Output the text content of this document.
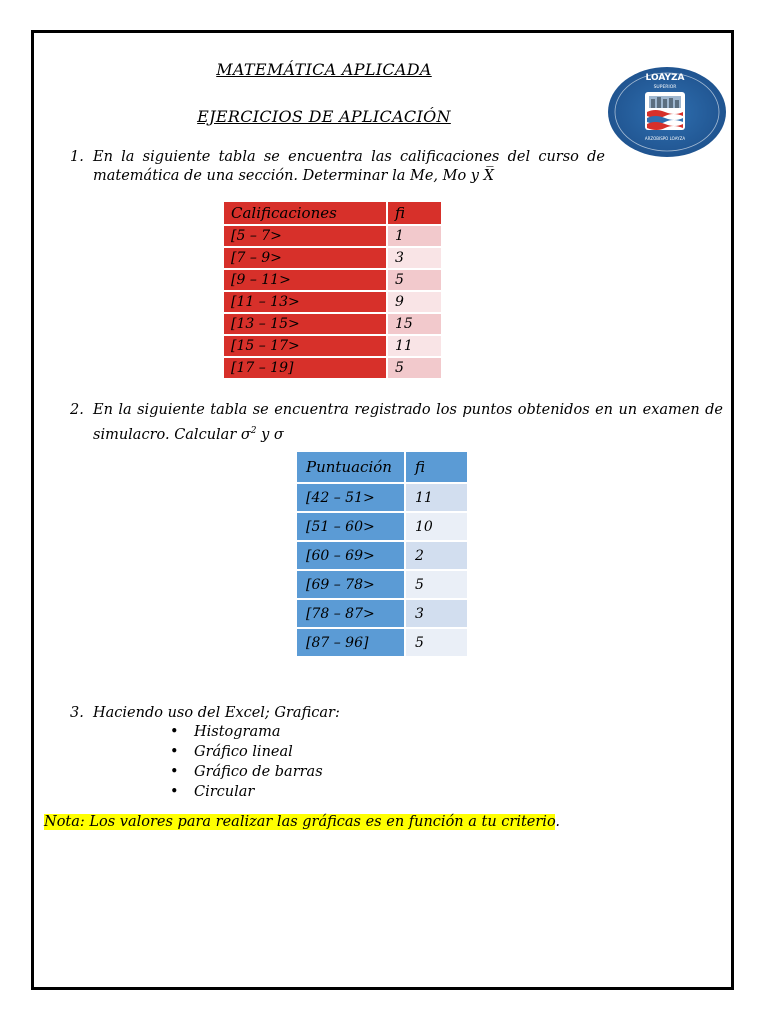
MATEMÁTICA APLICADA
EJERCICIOS DE APLICACIÓN
LOAYZA
SUPERIOR
ARZOBISPO LOAYZA
1. En la siguiente tabla se encuentra las calificaciones del curso de
matemática de una sección. Determinar la Me, Mo y X̅
Calificaciones	fi
[5 – 7>	1
[7 – 9>	3
[9 – 11>	5
[11 – 13>	9
[13 – 15>	15
[15 – 17>	11
[17 – 19]	5
2. En la siguiente tabla se encuentra registrado los puntos obtenidos en un examen de
simulacro. Calcular $\sigma^2$ y σ
Puntuación	fi
[42 – 51>	11
[51 – 60>	10
[60 – 69>	2
[69 – 78>	5
[78 – 87>	3
[87 – 96]	5
3. Haciendo uso del Excel; Graficar:
• Histograma
• Gráfico lineal
• Gráfico de barras
• Circular
Nota: Los valores para realizar las gráficas es en función a tu criterio.
